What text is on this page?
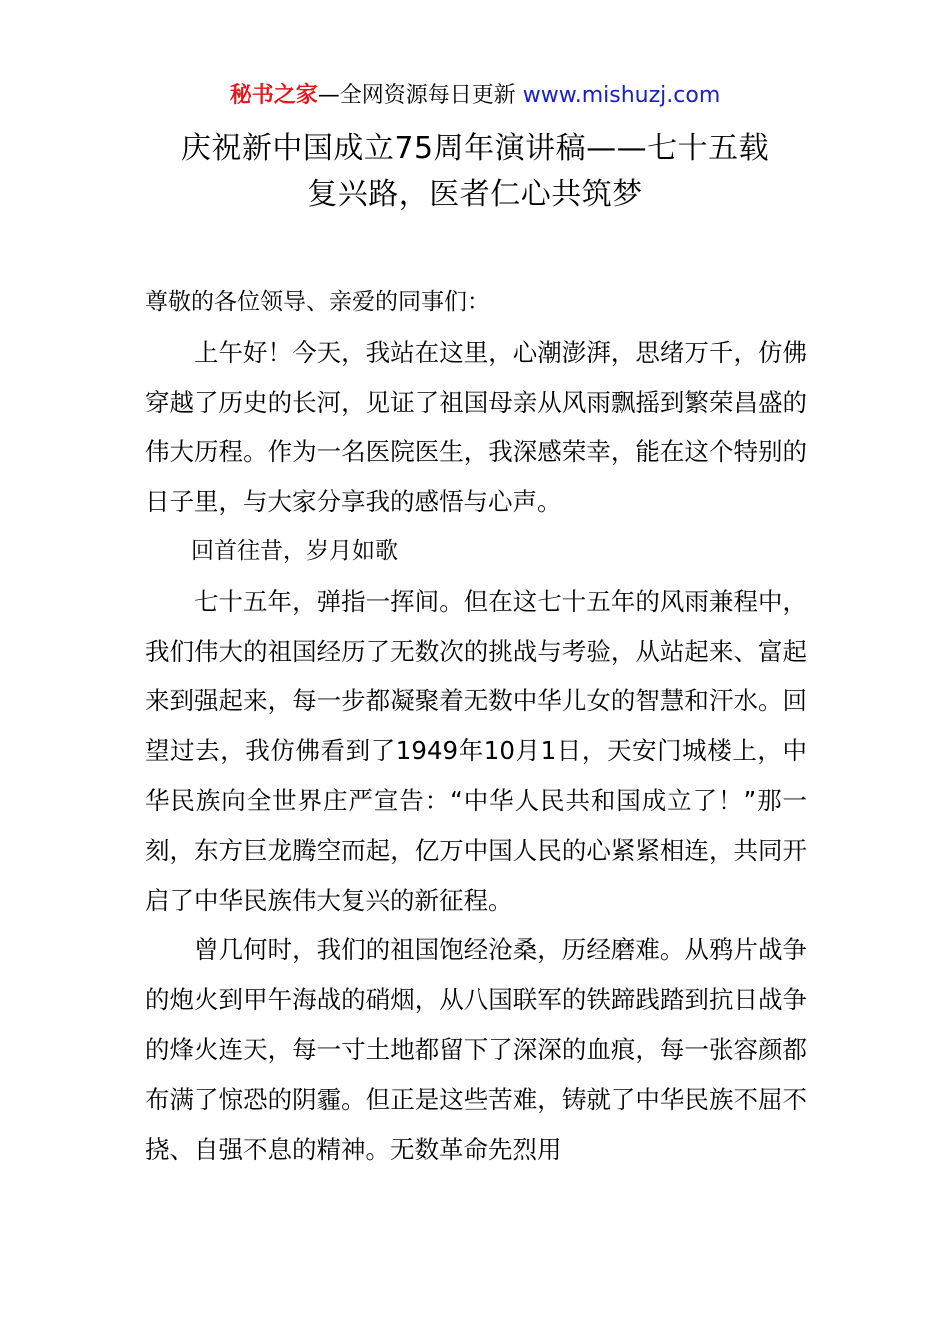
秘书之家—全网资源每日更新 www.mishuzj.com
庆祝新中国成立75周年演讲稿——七十五载
复兴路，医者仁心共筑梦

尊敬的各位领导、亲爱的同事们：

上午好！今天，我站在这里，心潮澎湃，思绪万千，仿佛穿越了历史的长河，见证了祖国母亲从风雨飘摇到繁荣昌盛的伟大历程。作为一名医院医生，我深感荣幸，能在这个特别的日子里，与大家分享我的感悟与心声。

回首往昔，岁月如歌

七十五年，弹指一挥间。但在这七十五年的风雨兼程中，我们伟大的祖国经历了无数次的挑战与考验，从站起来、富起来到强起来，每一步都凝聚着无数中华儿女的智慧和汗水。回望过去，我仿佛看到了1949年10月1日，天安门城楼上，中华民族向全世界庄严宣告：“中华人民共和国成立了！”那一刻，东方巨龙腾空而起，亿万中国人民的心紧紧相连，共同开启了中华民族伟大复兴的新征程。

曾几何时，我们的祖国饱经沧桑，历经磨难。从鸦片战争的炮火到甲午海战的硝烟，从八国联军的铁蹄践踏到抗日战争的烽火连天，每一寸土地都留下了深深的血痕，每一张容颜都布满了惊恐的阴霾。但正是这些苦难，铸就了中华民族不屈不挠、自强不息的精神。无数革命先烈用
